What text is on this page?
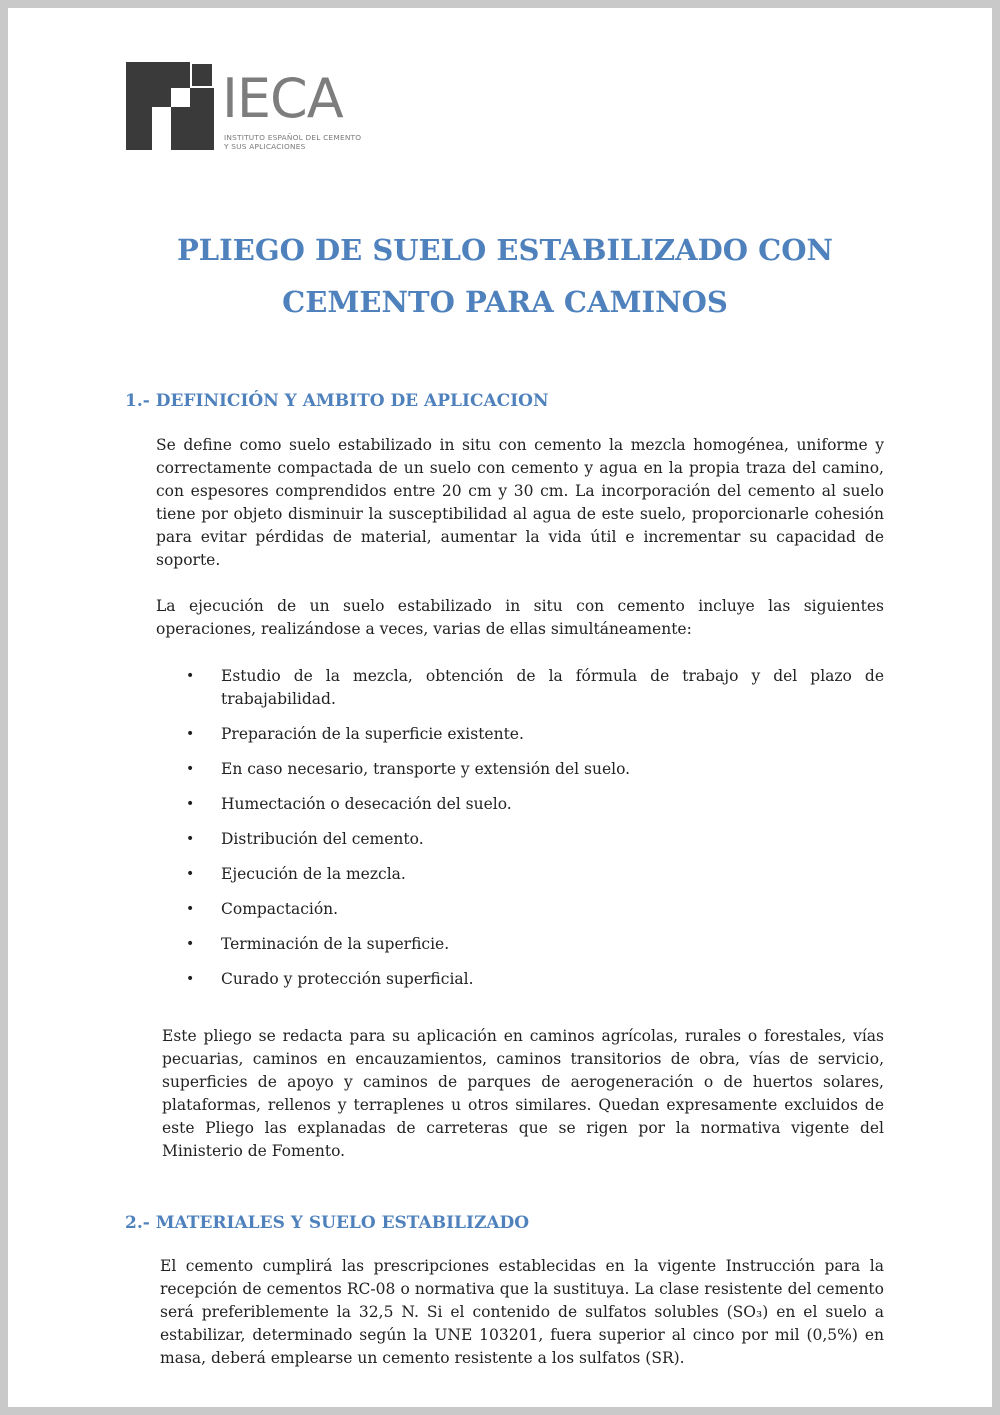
IECA
INSTITUTO ESPAÑOL DEL CEMENTO
Y SUS APLICACIONES
PLIEGO DE SUELO ESTABILIZADO CON
CEMENTO PARA CAMINOS
1.- DEFINICIÓN Y AMBITO DE APLICACION

Se define como suelo estabilizado in situ con cemento la mezcla homogénea, uniforme y correctamente compactada de un suelo con cemento y agua en la propia traza del camino, con espesores comprendidos entre 20 cm y 30 cm. La incorporación del cemento al suelo tiene por objeto disminuir la susceptibilidad al agua de este suelo, proporcionarle cohesión para evitar pérdidas de material, aumentar la vida útil e incrementar su capacidad de soporte.

La ejecución de un suelo estabilizado in situ con cemento incluye las siguientes operaciones, realizándose a veces, varias de ellas simultáneamente:

• Estudio de la mezcla, obtención de la fórmula de trabajo y del plazo de trabajabilidad.
• Preparación de la superficie existente.
• En caso necesario, transporte y extensión del suelo.
• Humectación o desecación del suelo.
• Distribución del cemento.
• Ejecución de la mezcla.
• Compactación.
• Terminación de la superficie.
• Curado y protección superficial.

Este pliego se redacta para su aplicación en caminos agrícolas, rurales o forestales, vías pecuarias, caminos en encauzamientos, caminos transitorios de obra, vías de servicio, superficies de apoyo y caminos de parques de aerogeneración o de huertos solares, plataformas, rellenos y terraplenes u otros similares. Quedan expresamente excluidos de este Pliego las explanadas de carreteras que se rigen por la normativa vigente del Ministerio de Fomento.

2.- MATERIALES Y SUELO ESTABILIZADO

El cemento cumplirá las prescripciones establecidas en la vigente Instrucción para la recepción de cementos RC-08 o normativa que la sustituya. La clase resistente del cemento será preferiblemente la 32,5 N. Si el contenido de sulfatos solubles (SO₃) en el suelo a estabilizar, determinado según la UNE 103201, fuera superior al cinco por mil (0,5%) en masa, deberá emplearse un cemento resistente a los sulfatos (SR).
